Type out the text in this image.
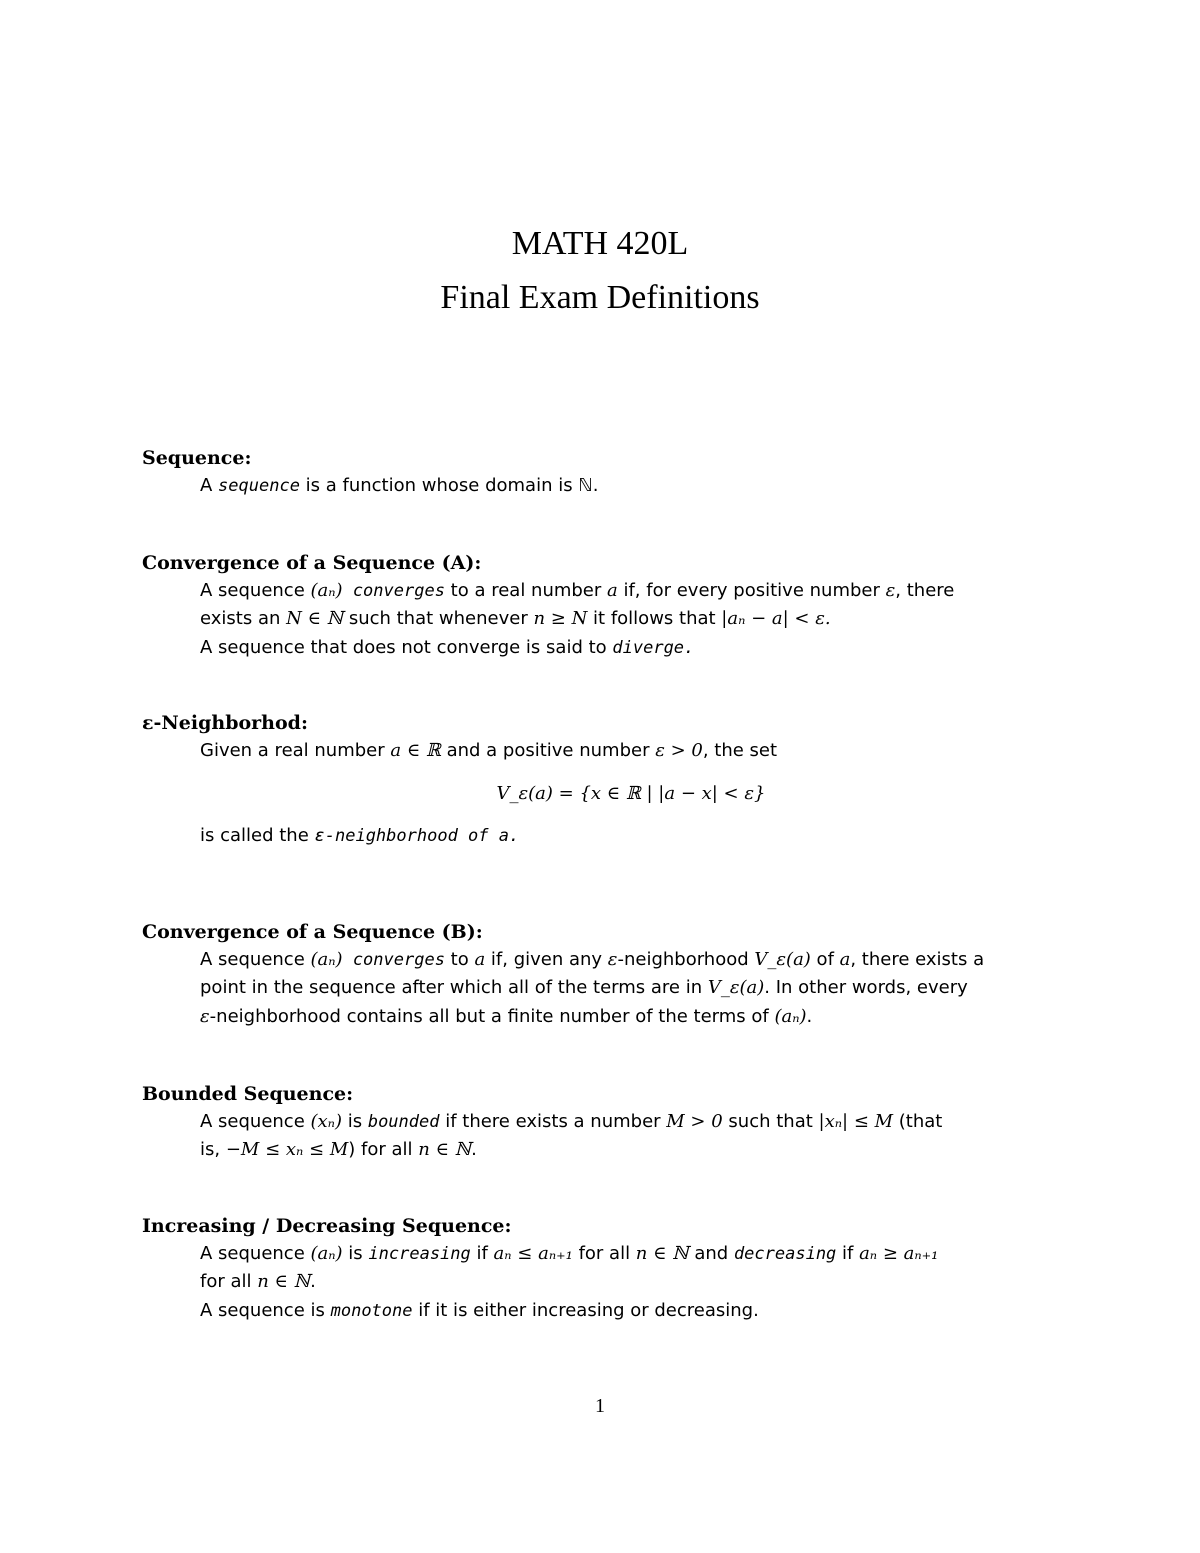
MATH 420L
Final Exam Definitions

Sequence:

A sequence is a function whose domain is ℕ.

Convergence of a Sequence (A):

A sequence (aₙ) converges to a real number a if, for every positive number ε, there
exists an N ∈ ℕ such that whenever n ≥ N it follows that |aₙ − a| < ε.
A sequence that does not converge is said to diverge.

ε-Neighborhod:

Given a real number a ∈ ℝ and a positive number ε > 0, the set
V_ε(a) = {x ∈ ℝ | |a − x| < ε}
is called the ε-neighborhood of a.

Convergence of a Sequence (B):

A sequence (aₙ) converges to a if, given any ε-neighborhood V_ε(a) of a, there exists a
point in the sequence after which all of the terms are in V_ε(a). In other words, every
ε-neighborhood contains all but a finite number of the terms of (aₙ).

Bounded Sequence:

A sequence (xₙ) is bounded if there exists a number M > 0 such that |xₙ| ≤ M (that
is, −M ≤ xₙ ≤ M) for all n ∈ ℕ.

Increasing / Decreasing Sequence:

A sequence (aₙ) is increasing if aₙ ≤ aₙ₊₁ for all n ∈ ℕ and decreasing if aₙ ≥ aₙ₊₁
for all n ∈ ℕ.
A sequence is monotone if it is either increasing or decreasing.

1
